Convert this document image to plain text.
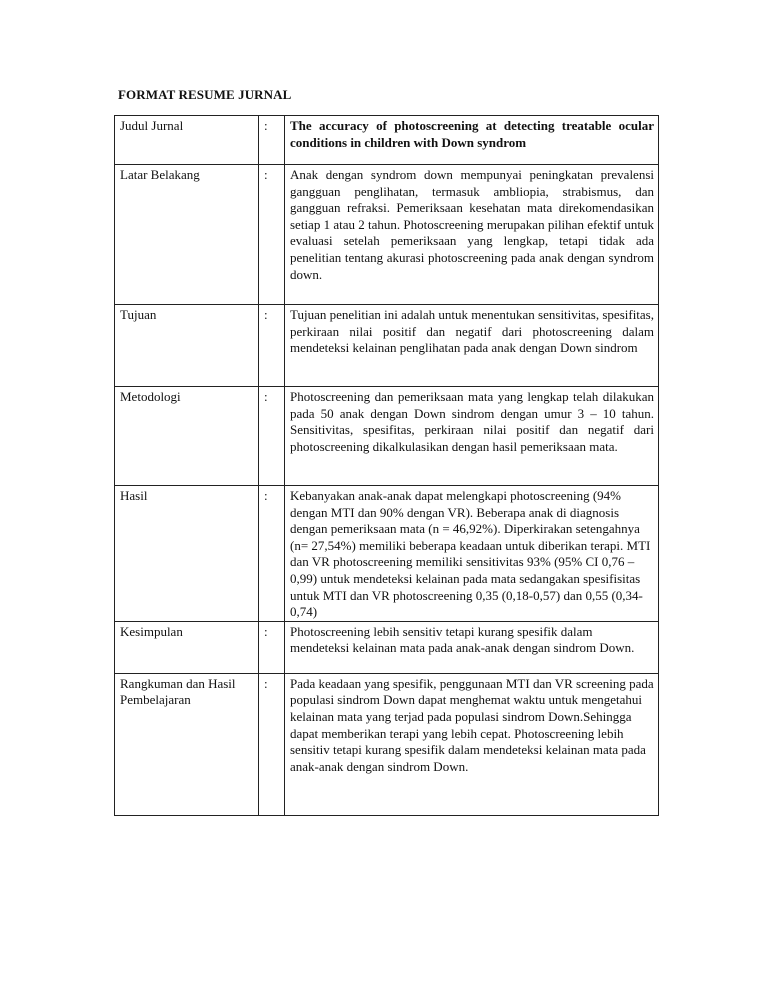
FORMAT RESUME JURNAL
Judul Jurnal	:	The accuracy of photoscreening at detecting treatable ocular conditions in children with Down syndrom
Latar Belakang	:	Anak dengan syndrom down mempunyai peningkatan prevalensi gangguan penglihatan, termasuk ambliopia, strabismus, dan gangguan refraksi. Pemeriksaan kesehatan mata direkomendasikan setiap 1 atau 2 tahun. Photoscreening merupakan pilihan efektif untuk evaluasi setelah pemeriksaan yang lengkap, tetapi tidak ada penelitian tentang akurasi photoscreening pada anak dengan syndrom down.
Tujuan	:	Tujuan penelitian ini adalah untuk menentukan sensitivitas, spesifitas, perkiraan nilai positif dan negatif dari photoscreening dalam mendeteksi kelainan penglihatan pada anak dengan Down sindrom
Metodologi	:	Photoscreening dan pemeriksaan mata yang lengkap telah dilakukan pada 50 anak dengan Down sindrom dengan umur 3 – 10 tahun. Sensitivitas, spesifitas, perkiraan nilai positif dan negatif dari photoscreening dikalkulasikan dengan hasil pemeriksaan mata.
Hasil	:	Kebanyakan anak-anak dapat melengkapi photoscreening (94% dengan MTI dan 90% dengan VR). Beberapa anak di diagnosis dengan pemeriksaan mata (n = 46,92%). Diperkirakan setengahnya (n= 27,54%) memiliki beberapa keadaan untuk diberikan terapi. MTI dan VR photoscreening memiliki sensitivitas 93% (95% CI 0,76 – 0,99) untuk mendeteksi kelainan pada mata sedangakan spesifisitas untuk MTI dan VR photoscreening 0,35 (0,18-0,57) dan 0,55 (0,34-0,74)
Kesimpulan	:	Photoscreening lebih sensitiv tetapi kurang spesifik dalam mendeteksi kelainan mata pada anak-anak dengan sindrom Down.
Rangkuman dan Hasil Pembelajaran	:	Pada keadaan yang spesifik, penggunaan MTI dan VR screening pada populasi sindrom Down dapat menghemat waktu untuk mengetahui kelainan mata yang terjad pada populasi sindrom Down.Sehingga dapat memberikan terapi yang lebih cepat. Photoscreening lebih sensitiv tetapi kurang spesifik dalam mendeteksi kelainan mata pada anak-anak dengan sindrom Down.
